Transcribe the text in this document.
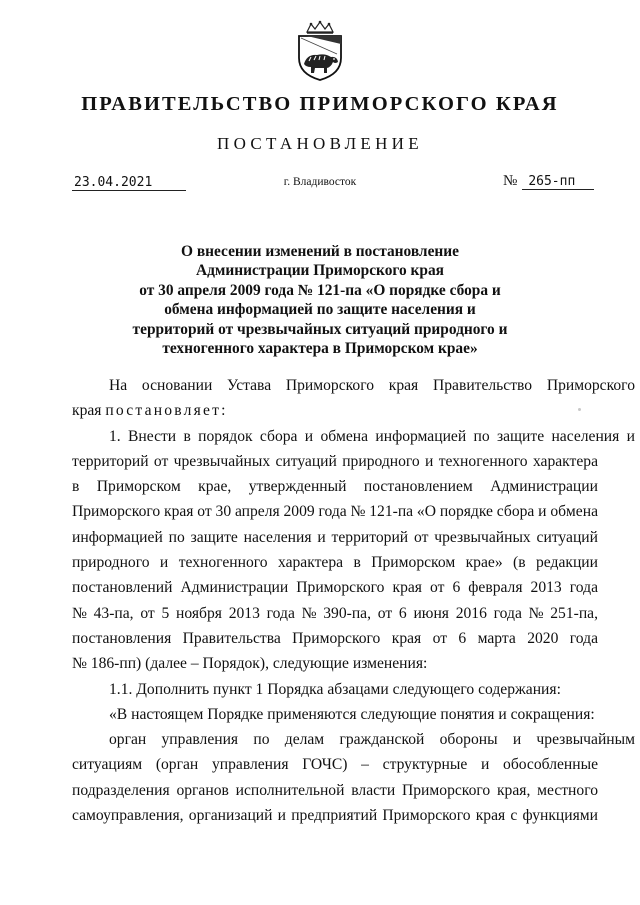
ПРАВИТЕЛЬСТВО ПРИМОРСКОГО КРАЯ
ПОСТАНОВЛЕНИЕ
23.04.2021	г. Владивосток	№ 265-пп
О внесении изменений в постановление
Администрации Приморского края
от 30 апреля 2009 года № 121-па «О порядке сбора и
обмена информацией по защите населения и
территорий от чрезвычайных ситуаций природного и
техногенного характера в Приморском крае»
На основании Устава Приморского края Правительство Приморского
края постановляет:
1. Внести в порядок сбора и обмена информацией по защите населения и
территорий от чрезвычайных ситуаций природного и техногенного характера
в Приморском крае, утвержденный постановлением Администрации
Приморского края от 30 апреля 2009 года № 121-па «О порядке сбора и обмена
информацией по защите населения и территорий от чрезвычайных ситуаций
природного и техногенного характера в Приморском крае» (в редакции
постановлений Администрации Приморского края от 6 февраля 2013 года
№ 43-па, от 5 ноября 2013 года № 390-па, от 6 июня 2016 года № 251-па,
постановления Правительства Приморского края от 6 марта 2020 года
№ 186-пп) (далее – Порядок), следующие изменения:
1.1. Дополнить пункт 1 Порядка абзацами следующего содержания:
«В настоящем Порядке применяются следующие понятия и сокращения:
орган управления по делам гражданской обороны и чрезвычайным
ситуациям (орган управления ГОЧС) – структурные и обособленные
подразделения органов исполнительной власти Приморского края, местного
самоуправления, организаций и предприятий Приморского края с функциями
